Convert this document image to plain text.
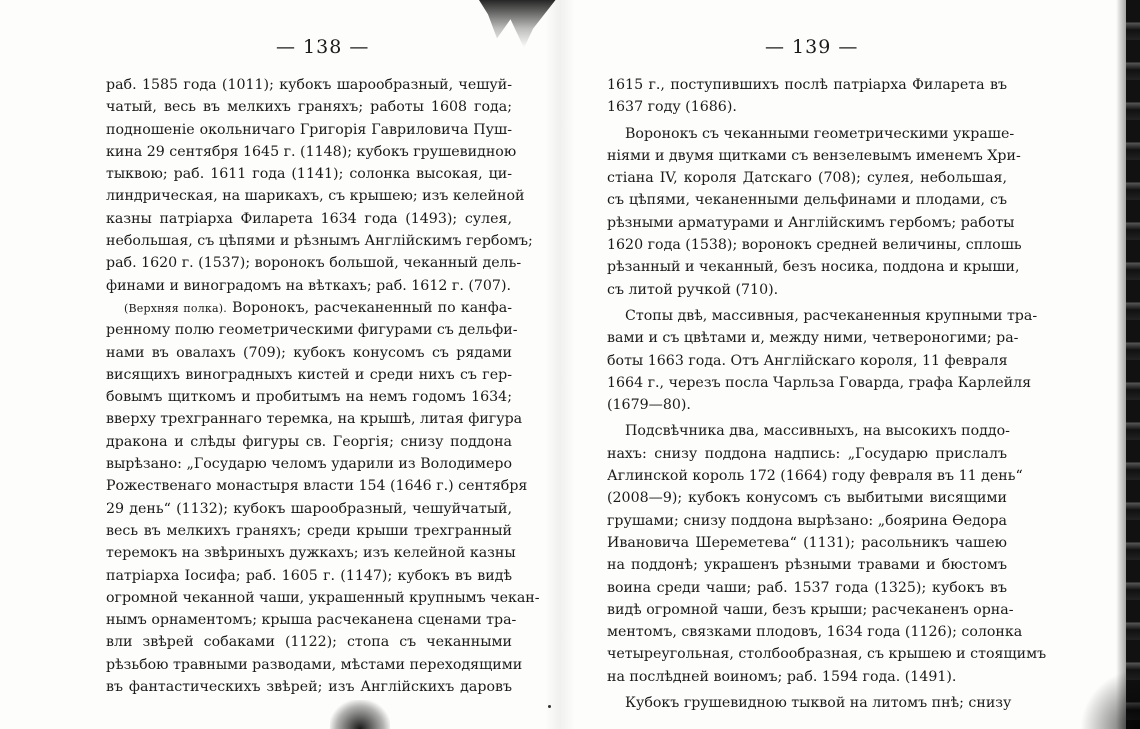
— 138 —
раб. 1585 года (1011); кубокъ шарообразный, чешуй-
чатый, весь въ мелкихъ граняхъ; работы 1608 года;
подношеніе окольничаго Григорія Гавриловича Пуш-
кина 29 сентября 1645 г. (1148); кубокъ грушевидною
тыквою; раб. 1611 года (1141); солонка высокая, ци-
линдрическая, на шарикахъ, съ крышею; изъ келейной
казны патріарха Филарета 1634 года (1493); сулея,
небольшая, съ цѣпями и рѣзнымъ Англійскимъ гербомъ;
раб. 1620 г. (1537); воронокъ большой, чеканный дель-
финами и виноградомъ на вѣткахъ; раб. 1612 г. (707).
(Верхняя полка). Воронокъ, расчеканенный по канфа-
ренному полю геометрическими фигурами съ дельфи-
нами въ овалахъ (709); кубокъ конусомъ съ рядами
висящихъ виноградныхъ кистей и среди нихъ съ гер-
бовымъ щиткомъ и пробитымъ на немъ годомъ 1634;
вверху трехграннаго теремка, на крышѣ, литая фигура
дракона и слѣды фигуры св. Георгія; снизу поддона
вырѣзано: „Государю челомъ ударили из Володимеро
Рожественаго монастыря власти 154 (1646 г.) сентября
29 день“ (1132); кубокъ шарообразный, чешуйчатый,
весь въ мелкихъ граняхъ; среди крыши трехгранный
теремокъ на звѣриныхъ дужкахъ; изъ келейной казны
патріарха Іосифа; раб. 1605 г. (1147); кубокъ въ видѣ
огромной чеканной чаши, украшенный крупнымъ чекан-
нымъ орнаментомъ; крыша расчеканена сценами тра-
вли звѣрей собаками (1122); стопа съ чеканными
рѣзьбою травными разводами, мѣстами переходящими
въ фантастическихъ звѣрей; изъ Англійскихъ даровъ
— 139 —
1615 г., поступившихъ послѣ патріарха Филарета въ
1637 году (1686).
Воронокъ съ чеканными геометрическими украше-
ніями и двумя щитками съ вензелевымъ именемъ Хри-
стіана IV, короля Датскаго (708); сулея, небольшая,
съ цѣпями, чеканенными дельфинами и плодами, съ
рѣзными арматурами и Англійскимъ гербомъ; работы
1620 года (1538); воронокъ средней величины, сплошь
рѣзанный и чеканный, безъ носика, поддона и крыши,
съ литой ручкой (710).
Стопы двѣ, массивныя, расчеканенныя крупными тра-
вами и съ цвѣтами и, между ними, четвероногими; ра-
боты 1663 года. Отъ Англійскаго короля, 11 февраля
1664 г., черезъ посла Чарльза Говарда, графа Карлейля
(1679—80).
Подсвѣчника два, массивныхъ, на высокихъ поддо-
нахъ: снизу поддона надпись: „Государю прислалъ
Аглинской король 172 (1664) году февраля въ 11 день“
(2008—9); кубокъ конусомъ съ выбитыми висящими
грушами; снизу поддона вырѣзано: „боярина Ѳедора
Ивановича Шереметева“ (1131); расольникъ чашею
на поддонѣ; украшенъ рѣзными травами и бюстомъ
воина среди чаши; раб. 1537 года (1325); кубокъ въ
видѣ огромной чаши, безъ крыши; расчеканенъ орна-
ментомъ, связками плодовъ, 1634 года (1126); солонка
четыреугольная, столбообразная, съ крышею и стоящимъ
на послѣдней воиномъ; раб. 1594 года. (1491).
Кубокъ грушевидною тыквой на литомъ пнѣ; снизу
